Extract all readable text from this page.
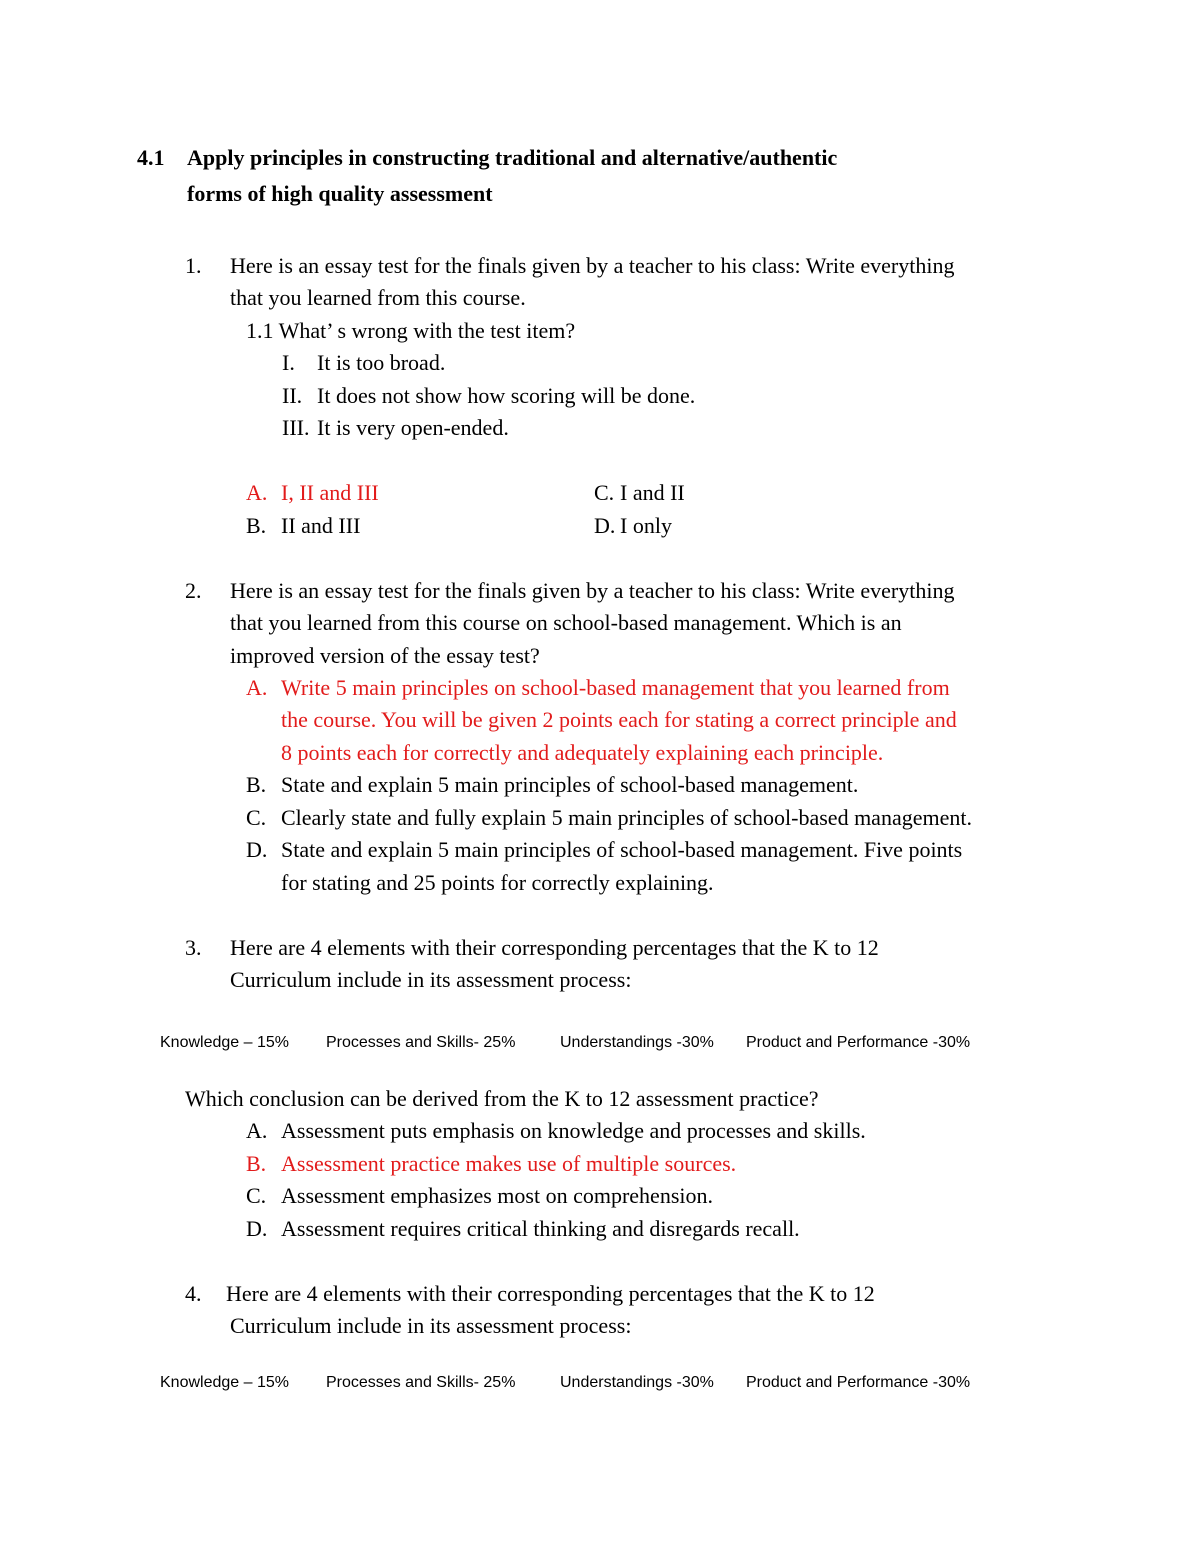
4.1 Apply principles in constructing traditional and alternative/authentic
forms of high quality assessment
1. Here is an essay test for the finals given by a teacher to his class: Write everything
that you learned from this course.
1.1 What’ s wrong with the test item?
I. It is too broad.
II. It does not show how scoring will be done.
III. It is very open-ended.
A. I, II and III
B. II and III
C. I and II
D. I only
2. Here is an essay test for the finals given by a teacher to his class: Write everything
that you learned from this course on school-based management. Which is an
improved version of the essay test?
A. Write 5 main principles on school-based management that you learned from
the course. You will be given 2 points each for stating a correct principle and
8 points each for correctly and adequately explaining each principle.
B. State and explain 5 main principles of school-based management.
C. Clearly state and fully explain 5 main principles of school-based management.
D. State and explain 5 main principles of school-based management. Five points
for stating and 25 points for correctly explaining.
3. Here are 4 elements with their corresponding percentages that the K to 12
Curriculum include in its assessment process:
Knowledge – 15% Processes and Skills- 25%	Understandings -30% Product and Performance -30%
Which conclusion can be derived from the K to 12 assessment practice?
A. Assessment puts emphasis on knowledge and processes and skills.
B. Assessment practice makes use of multiple sources.
C. Assessment emphasizes most on comprehension.
D. Assessment requires critical thinking and disregards recall.
4. Here are 4 elements with their corresponding percentages that the K to 12
Curriculum include in its assessment process:
Knowledge – 15% Processes and Skills- 25%	Understandings -30% Product and Performance -30%
